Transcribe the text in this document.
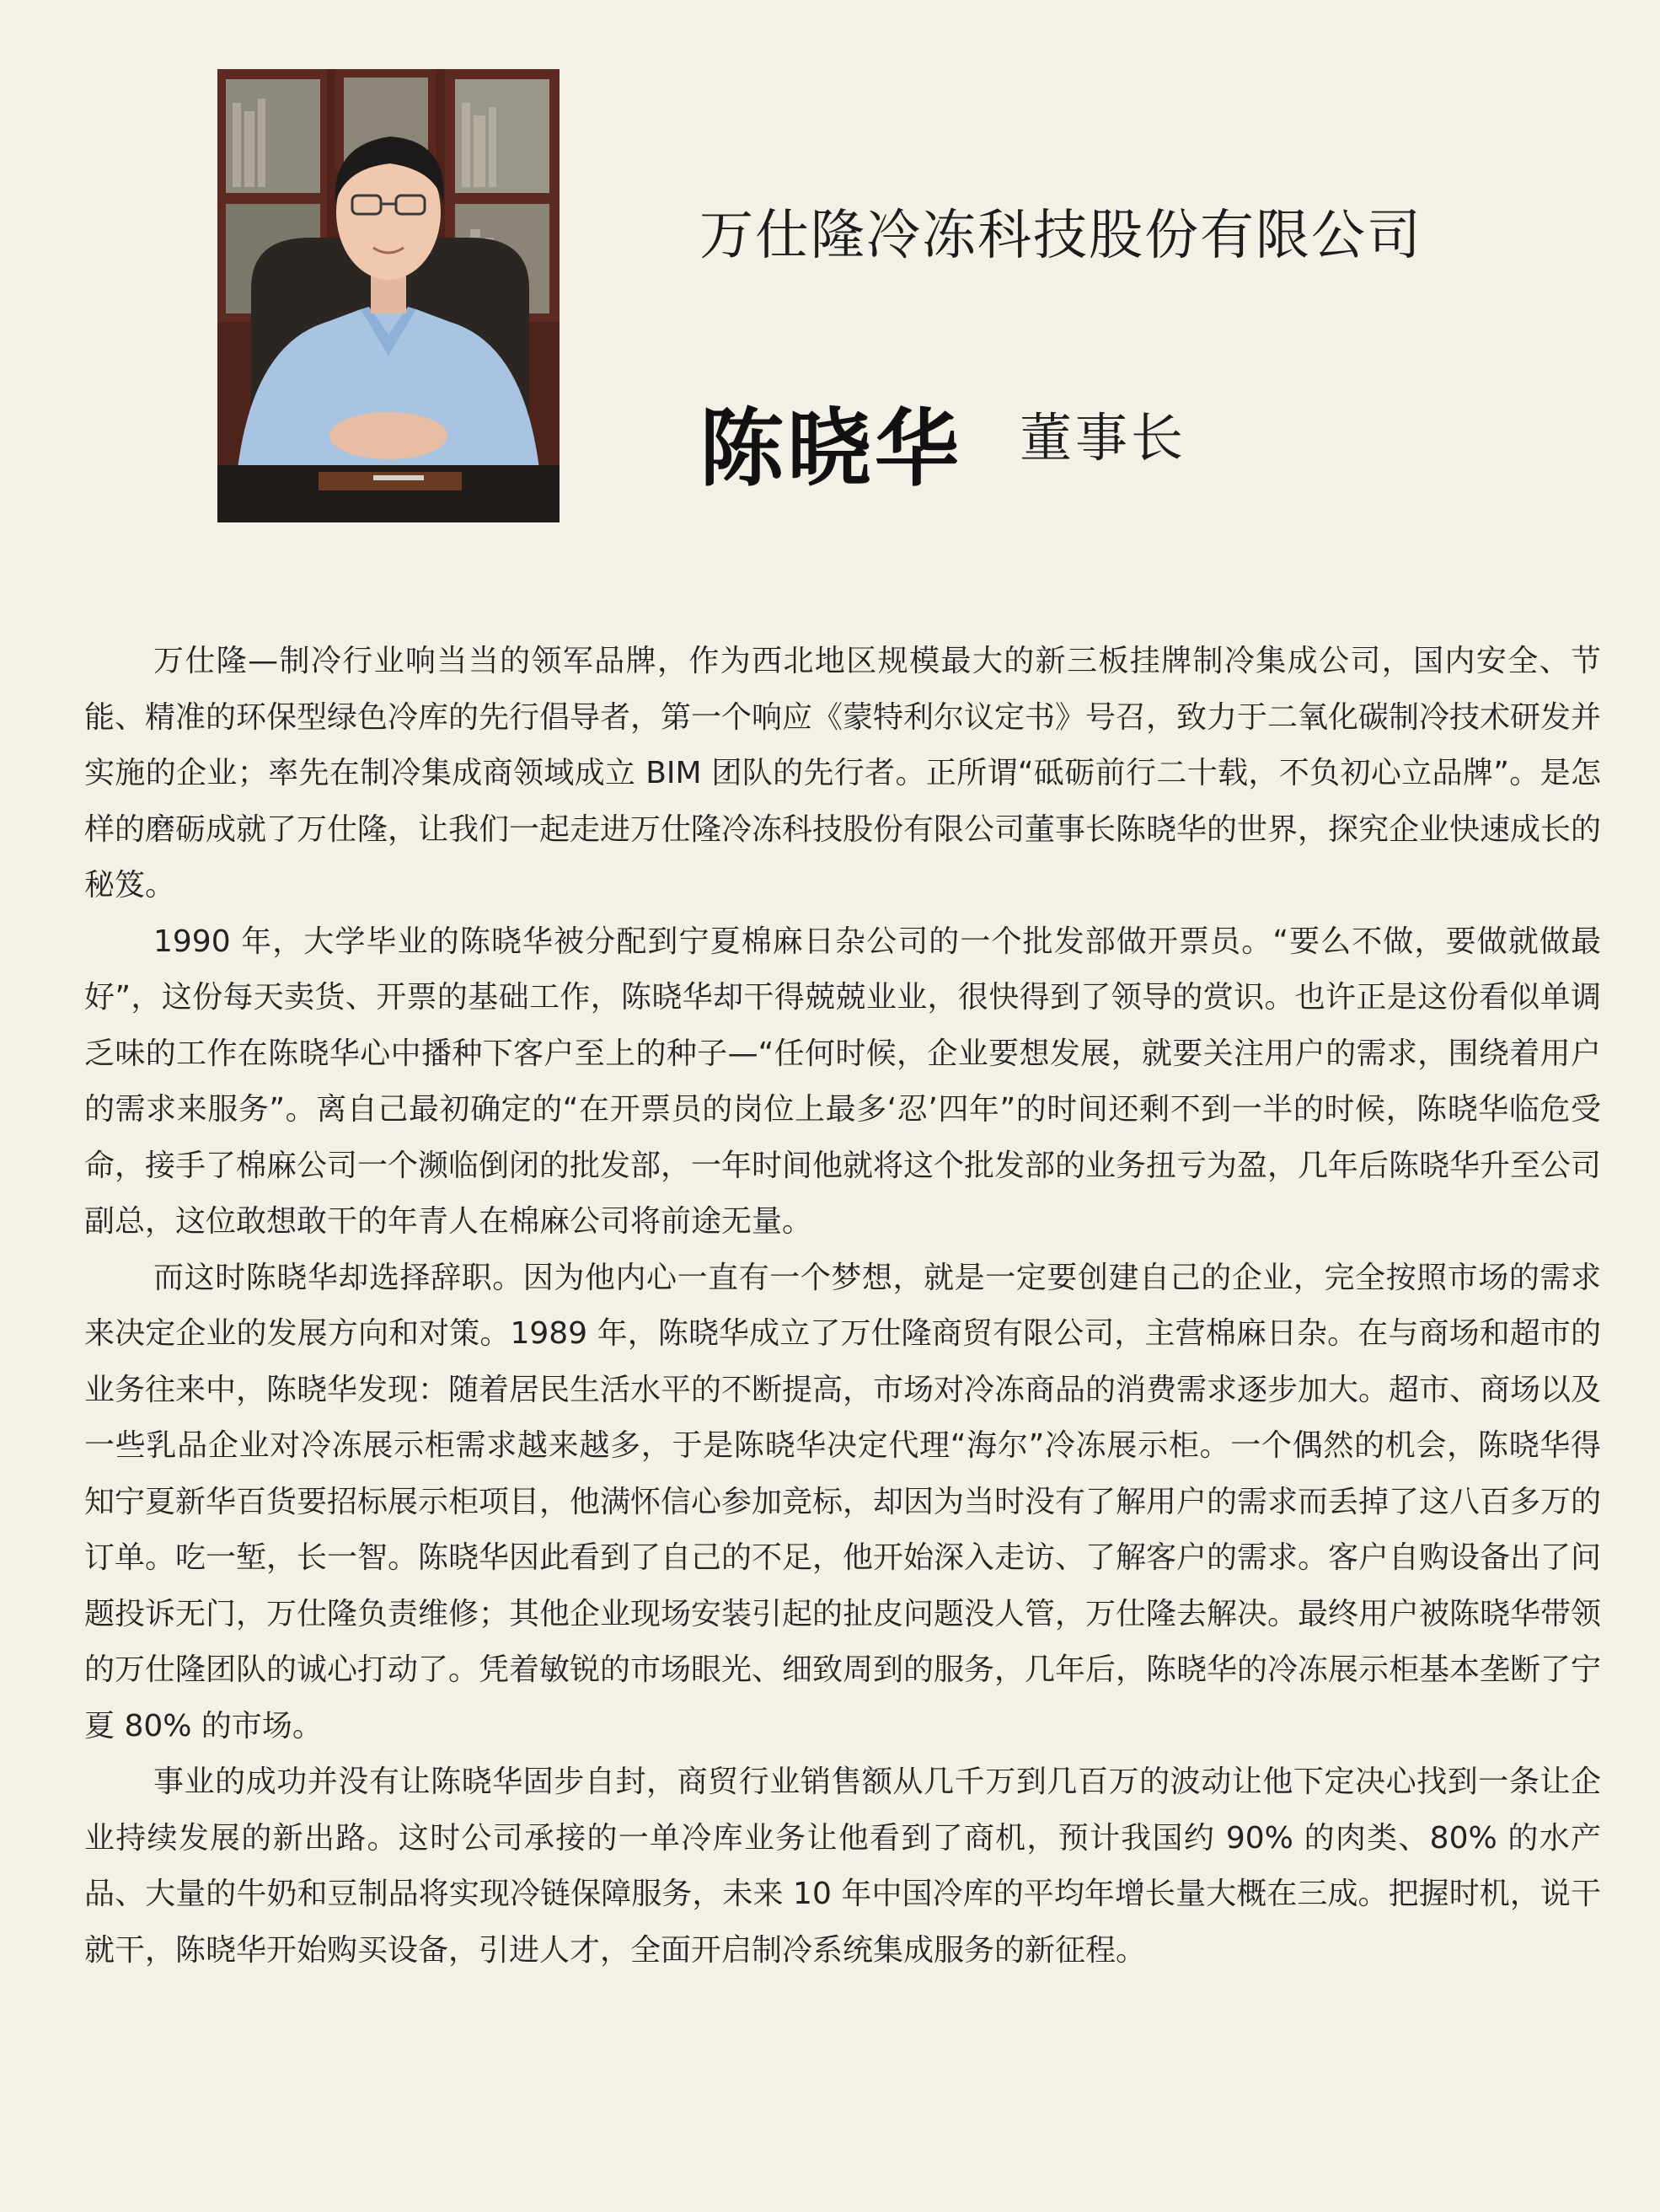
万仕隆冷冻科技股份有限公司
陈晓华 董事长

万仕隆—制冷行业响当当的领军品牌，作为西北地区规模最大的新三板挂牌制冷集成公司，国内安全、节能、精准的环保型绿色冷库的先行倡导者，第一个响应《蒙特利尔议定书》号召，致力于二氧化碳制冷技术研发并实施的企业；率先在制冷集成商领域成立 BIM 团队的先行者。正所谓“砥砺前行二十载，不负初心立品牌”。是怎样的磨砺成就了万仕隆，让我们一起走进万仕隆冷冻科技股份有限公司董事长陈晓华的世界，探究企业快速成长的秘笈。

1990 年，大学毕业的陈晓华被分配到宁夏棉麻日杂公司的一个批发部做开票员。“要么不做，要做就做最好”，这份每天卖货、开票的基础工作，陈晓华却干得兢兢业业，很快得到了领导的赏识。也许正是这份看似单调乏味的工作在陈晓华心中播种下客户至上的种子—“任何时候，企业要想发展，就要关注用户的需求，围绕着用户的需求来服务”。离自己最初确定的“在开票员的岗位上最多‘忍’四年”的时间还剩不到一半的时候，陈晓华临危受命，接手了棉麻公司一个濒临倒闭的批发部，一年时间他就将这个批发部的业务扭亏为盈，几年后陈晓华升至公司副总，这位敢想敢干的年青人在棉麻公司将前途无量。

而这时陈晓华却选择辞职。因为他内心一直有一个梦想，就是一定要创建自己的企业，完全按照市场的需求来决定企业的发展方向和对策。1989 年，陈晓华成立了万仕隆商贸有限公司，主营棉麻日杂。在与商场和超市的业务往来中，陈晓华发现：随着居民生活水平的不断提高，市场对冷冻商品的消费需求逐步加大。超市、商场以及一些乳品企业对冷冻展示柜需求越来越多，于是陈晓华决定代理“海尔”冷冻展示柜。一个偶然的机会，陈晓华得知宁夏新华百货要招标展示柜项目，他满怀信心参加竞标，却因为当时没有了解用户的需求而丢掉了这八百多万的订单。吃一堑，长一智。陈晓华因此看到了自己的不足，他开始深入走访、了解客户的需求。客户自购设备出了问题投诉无门，万仕隆负责维修；其他企业现场安装引起的扯皮问题没人管，万仕隆去解决。最终用户被陈晓华带领的万仕隆团队的诚心打动了。凭着敏锐的市场眼光、细致周到的服务，几年后，陈晓华的冷冻展示柜基本垄断了宁夏 80% 的市场。

事业的成功并没有让陈晓华固步自封，商贸行业销售额从几千万到几百万的波动让他下定决心找到一条让企业持续发展的新出路。这时公司承接的一单冷库业务让他看到了商机，预计我国约 90% 的肉类、80% 的水产品、大量的牛奶和豆制品将实现冷链保障服务，未来 10 年中国冷库的平均年增长量大概在三成。把握时机，说干就干，陈晓华开始购买设备，引进人才，全面开启制冷系统集成服务的新征程。
